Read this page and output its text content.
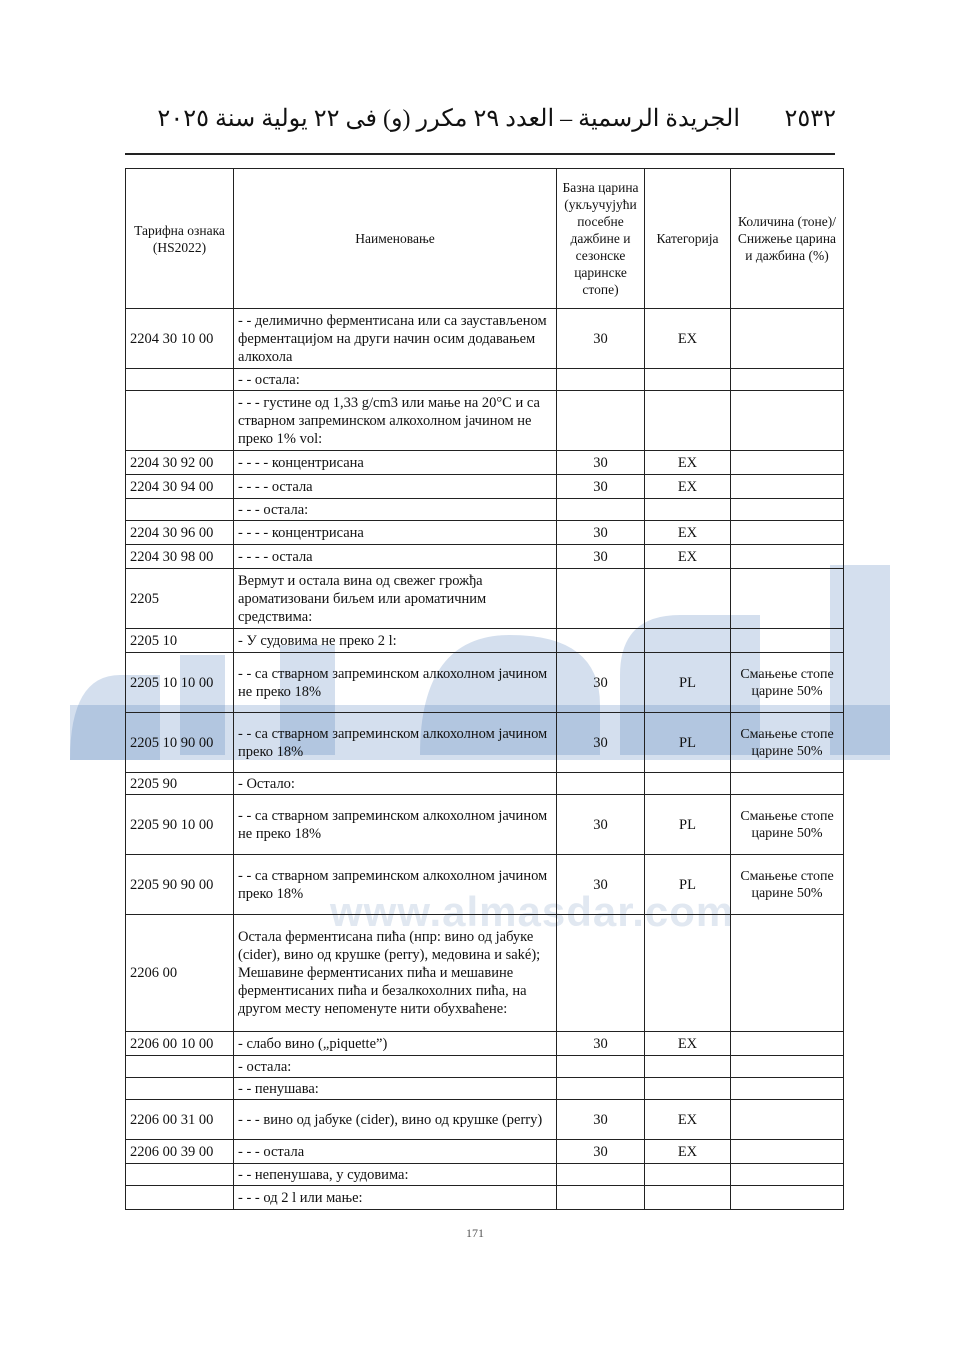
www.almasdar.com
٢٥٣٢
الجريدة الرسمية – العدد ٢٩ مكرر (و) فى ٢٢ يولية سنة ٢٠٢٥
Тарифна ознака (HS2022)	Наименовање	Базна царина (укључујући посебне дажбине и сезонске царинске стопе)	Категорија	Количина (тоне)/ Снижење царина и дажбина (%)
2204 30 10 00	- - делимично ферментисана или са заустављеном ферментацијом на други начин осим додавањем алкохола	30	EX	
	- - остала:			
	- - - густине од 1,33 g/cm3 или мање на 20°C и са стварном запреминском алкохолном јачином не преко 1% vol:			
2204 30 92 00	- - - - концентрисана	30	EX	
2204 30 94 00	- - - - остала	30	EX	
	- - - остала:			
2204 30 96 00	- - - - концентрисана	30	EX	
2204 30 98 00	- - - - остала	30	EX	
2205	Вермут и остала вина од свежег грожђа ароматизовани биљем или ароматичним средствима:			
2205 10	- У судовима не преко 2 l:			
2205 10 10 00	- - са стварном запреминском алкохолном јачином не преко 18%	30	PL	Смањење стопе царине 50%
2205 10 90 00	- - са стварном запреминском алкохолном јачином преко 18%	30	PL	Смањење стопе царине 50%
2205 90	- Остало:			
2205 90 10 00	- - са стварном запреминском алкохолном јачином не преко 18%	30	PL	Смањење стопе царине 50%
2205 90 90 00	- - са стварном запреминском алкохолном јачином преко 18%	30	PL	Смањење стопе царине 50%
2206 00	Остала ферментисана пића (нпр: вино од јабуке (cider), вино од крушке (perry), медовина и saké); Мешавине ферментисаних пића и мешавине ферментисаних пића и безалкохолних пића, на другом месту непоменуте нити обухваћене:			
2206 00 10 00	- слабо вино („piquette”)	30	EX	
	- остала:			
	- - пенушава:			
2206 00 31 00	- - - вино од јабуке (cider), вино од крушке (perry)	30	EX	
2206 00 39 00	- - - остала	30	EX	
	- - непенушава, у судовима:			
	- - - од 2 l или мање:			
171
